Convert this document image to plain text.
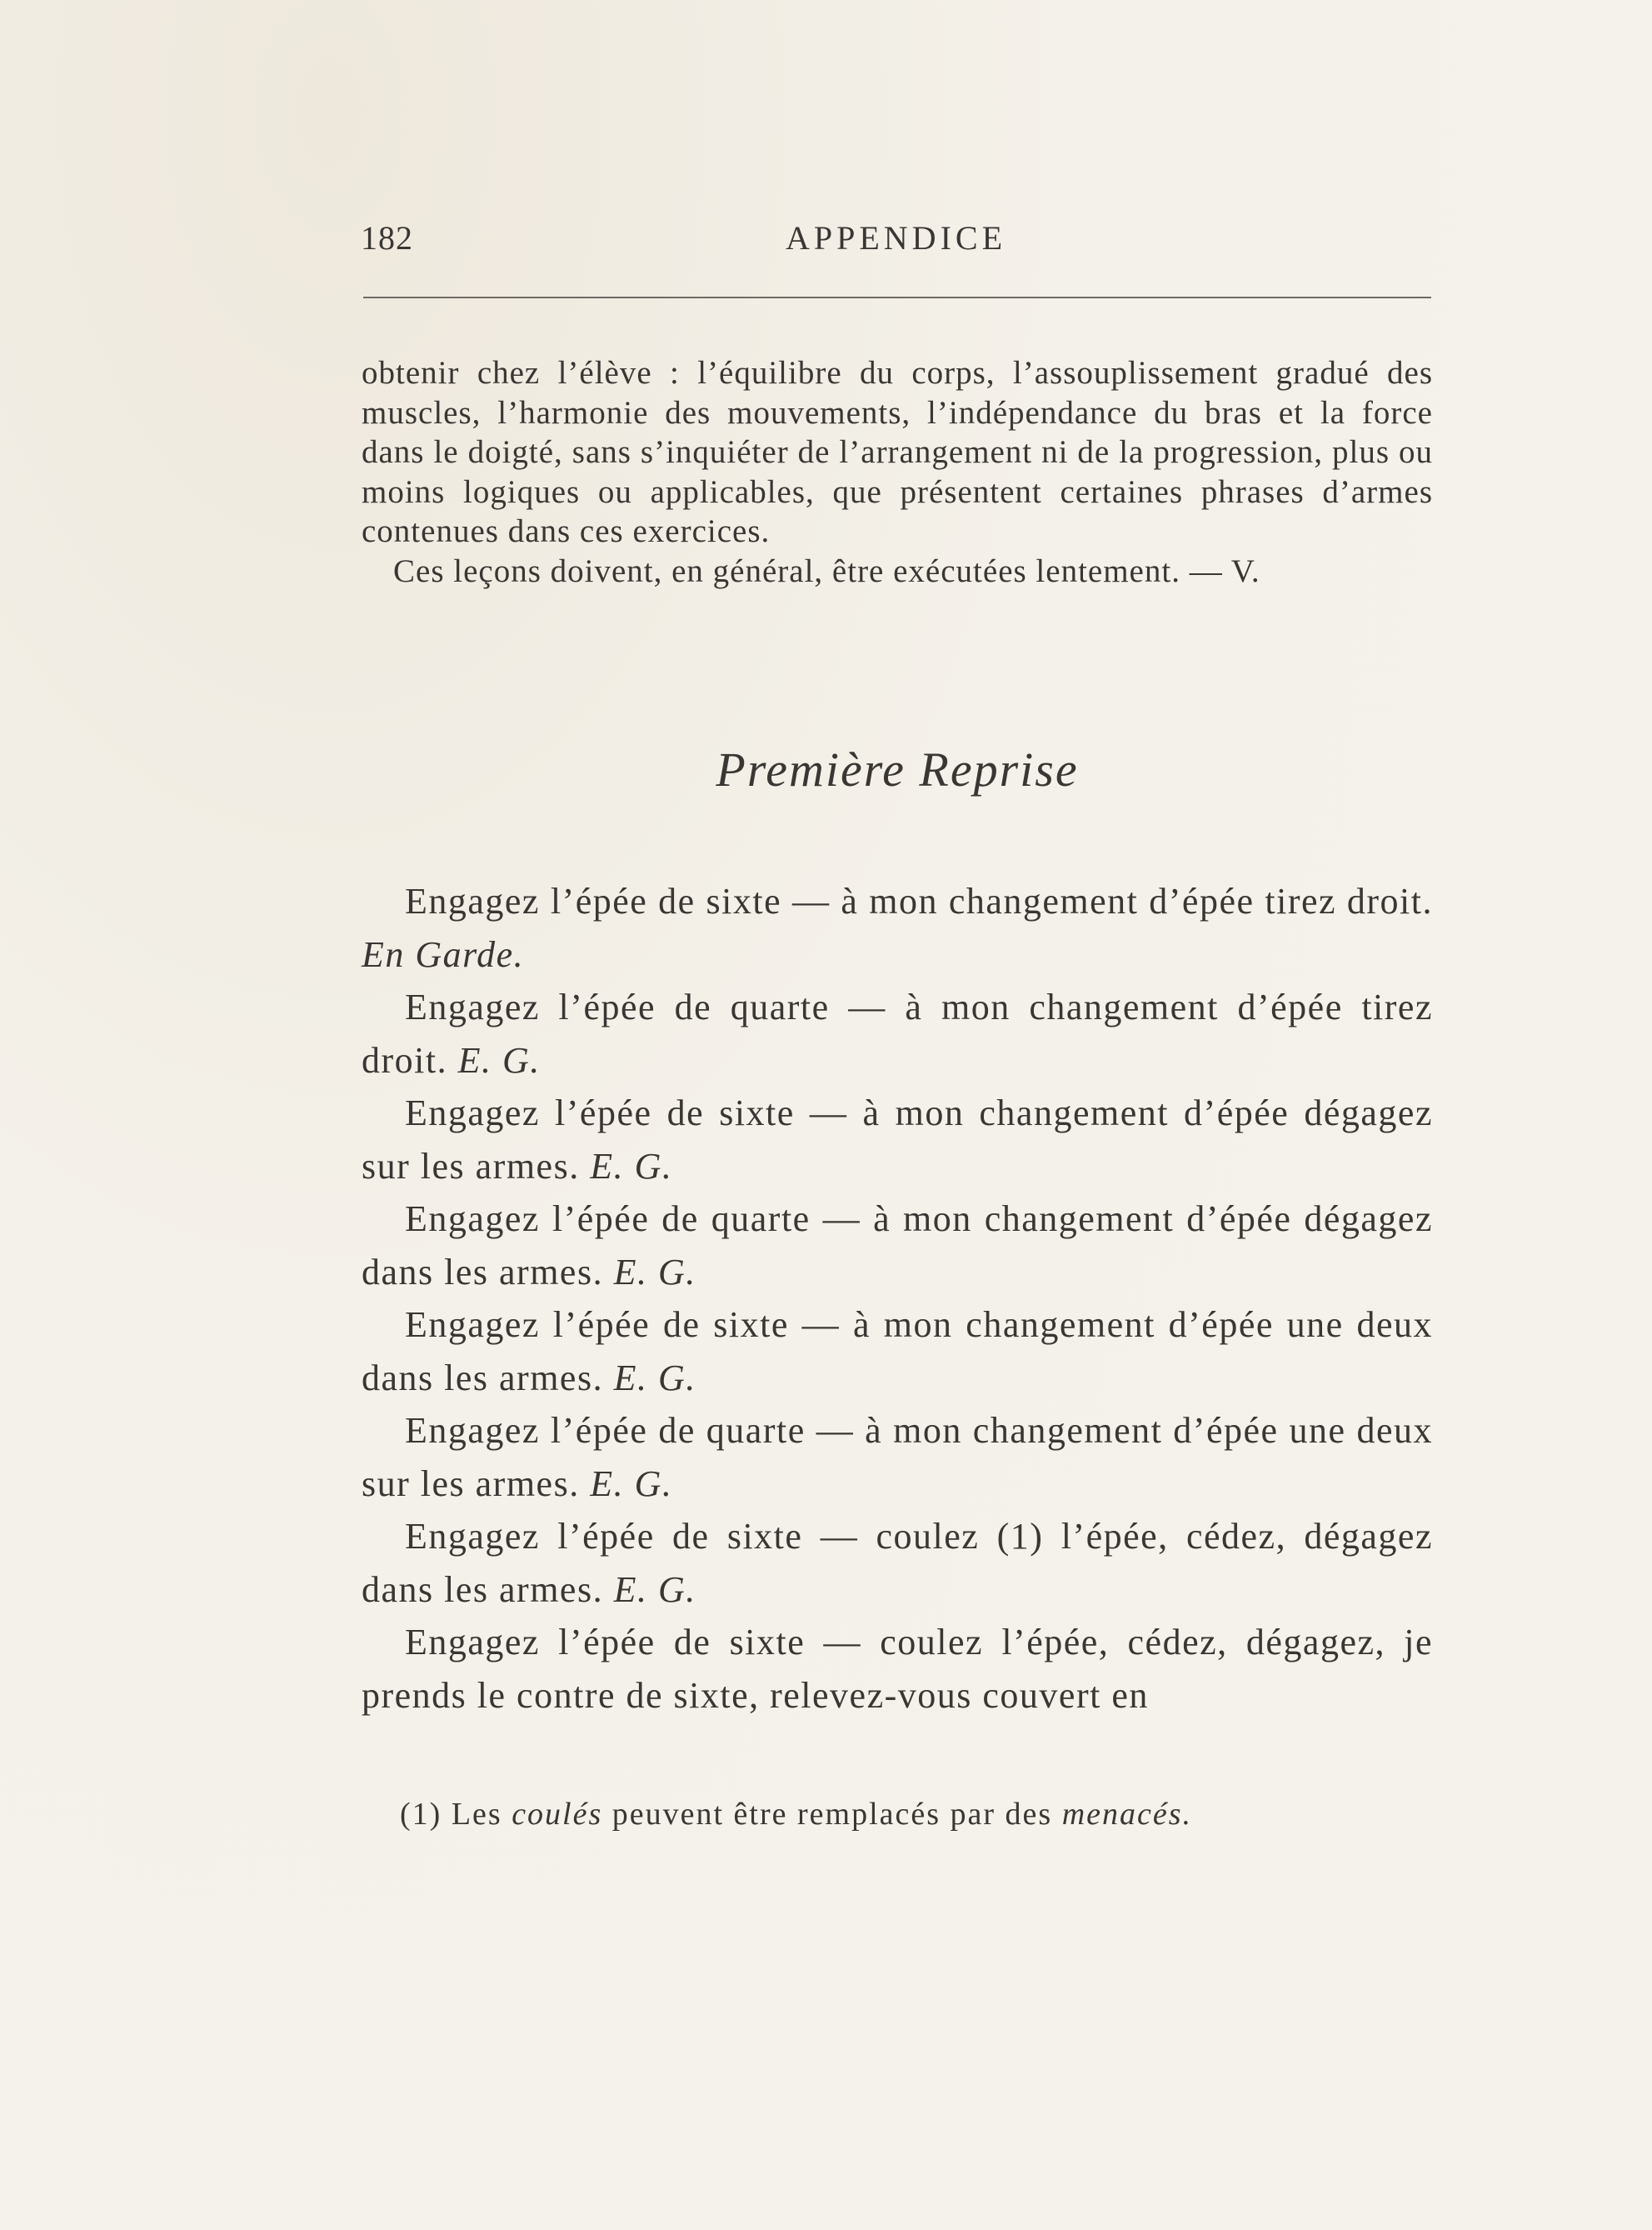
182	APPENDICE

obtenir chez l’élève : l’équilibre du corps, l’assouplissement gradué des muscles, l’harmonie des mouvements, l’indépendance du bras et la force dans le doigté, sans s’inquiéter de l’arrangement ni de la progression, plus ou moins logiques ou applicables, que présentent certaines phrases d’armes contenues dans ces exercices.

Ces leçons doivent, en général, être exécutées lentement. — V.

Première Reprise

Engagez l’épée de sixte — à mon changement d’épée tirez droit. En Garde.

Engagez l’épée de quarte — à mon changement d’épée tirez droit. E. G.

Engagez l’épée de sixte — à mon changement d’épée dégagez sur les armes. E. G.

Engagez l’épée de quarte — à mon changement d’épée dégagez dans les armes. E. G.

Engagez l’épée de sixte — à mon changement d’épée une deux dans les armes. E. G.

Engagez l’épée de quarte — à mon changement d’épée une deux sur les armes. E. G.

Engagez l’épée de sixte — coulez (1) l’épée, cédez, dégagez dans les armes. E. G.

Engagez l’épée de sixte — coulez l’épée, cédez, dégagez, je prends le contre de sixte, relevez-vous couvert en

(1) Les coulés peuvent être remplacés par des menacés.
